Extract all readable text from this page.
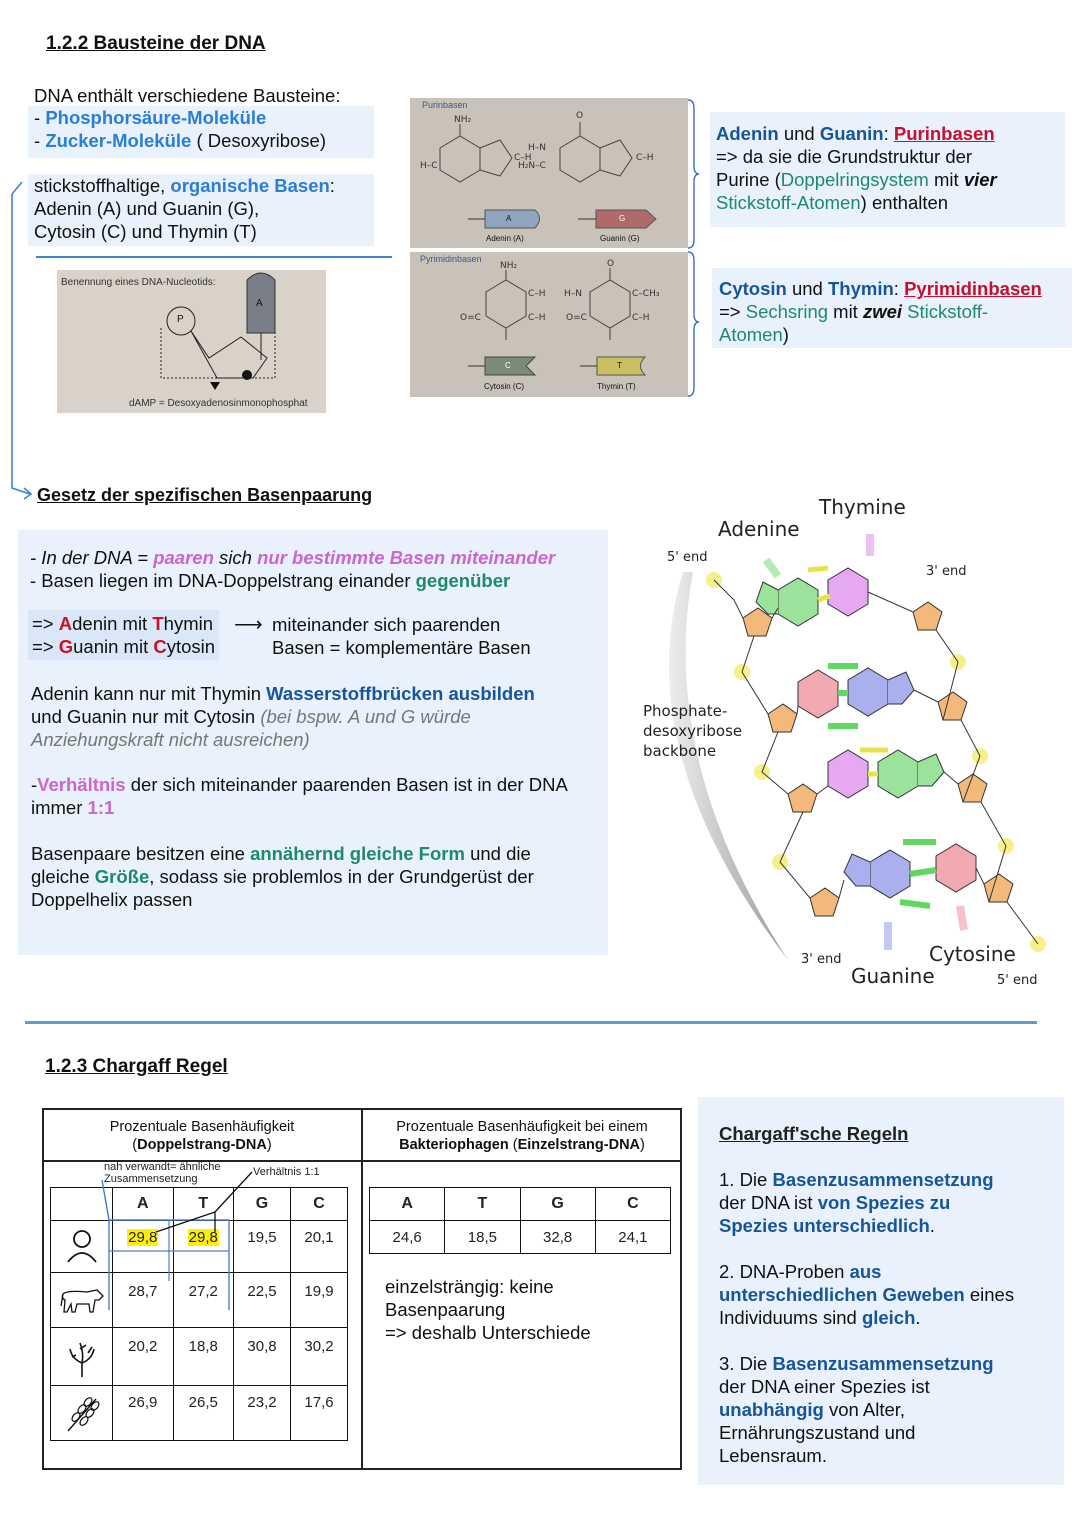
1.2.2 Bausteine der DNA
DNA enthält verschiedene Bausteine:
- Phosphorsäure-Moleküle
- Zucker-Moleküle ( Desoxyribose)
stickstoffhaltige, organische Basen:
Adenin (A) und Guanin (G),
Cytosin (C) und Thymin (T)
Benennung eines DNA-Nucleotids:
P
A
dAMP = Desoxyadenosinmonophosphat
Purinbasen
NH₂	O
H–C
H–N
H₂N–C
C–H	C–H
A	G
Adenin (A)	Guanin (G)
Pyrimidinbasen
NH₂	O
C–H
C–H
O=C
H–N
O=C
C–CH₃
C–H
C	T
Cytosin (C)	Thymin (T)
Adenin und Guanin: Purinbasen
=> da sie die Grundstruktur der
Purine (Doppelringsystem mit vier
Stickstoff-Atomen) enthalten
Cytosin und Thymin: Pyrimidinbasen
=> Sechsring mit zwei Stickstoff-
Atomen)
Gesetz der spezifischen Basenpaarung
- In der DNA = paaren sich nur bestimmte Basen miteinander
- Basen liegen im DNA-Doppelstrang einander gegenüber
=> Adenin mit Thymin
=> Guanin mit Cytosin
⟶ miteinander sich paarenden
Basen = komplementäre Basen
Adenin kann nur mit Thymin Wasserstoffbrücken ausbilden
und Guanin nur mit Cytosin (bei bspw. A und G würde
Anziehungskraft nicht ausreichen)
-Verhältnis der sich miteinander paarenden Basen ist in der DNA
immer 1:1
Basenpaare besitzen eine annähernd gleiche Form und die
gleiche Größe, sodass sie problemlos in der Grundgerüst der
Doppelhelix passen
Adenine
Thymine
5' end
3' end
Phosphate-
desoxyribose
backbone
3' end
Guanine
Cytosine
5' end
1.2.3 Chargaff Regel
Prozentuale Basenhäufigkeit
(Doppelstrang-DNA)
Prozentuale Basenhäufigkeit bei einem
Bakteriophagen (Einzelstrang-DNA)
nah verwandt= ähnliche
Zusammensetzung
Verhältnis 1:1
	A	T	G	C
	29,8	29,8	19,5	20,1
	28,7	27,2	22,5	19,9
	20,2	18,8	30,8	30,2
	26,9	26,5	23,2	17,6
A	T	G	C
24,6	18,5	32,8	24,1
einzelsträngig: keine
Basenpaarung
=> deshalb Unterschiede
Chargaff'sche Regeln
1. Die Basenzusammensetzung
der DNA ist von Spezies zu
Spezies unterschiedlich.
2. DNA-Proben aus
unterschiedlichen Geweben eines
Individuums sind gleich.
3. Die Basenzusammensetzung
der DNA einer Spezies ist
unabhängig von Alter,
Ernährungszustand und
Lebensraum.
